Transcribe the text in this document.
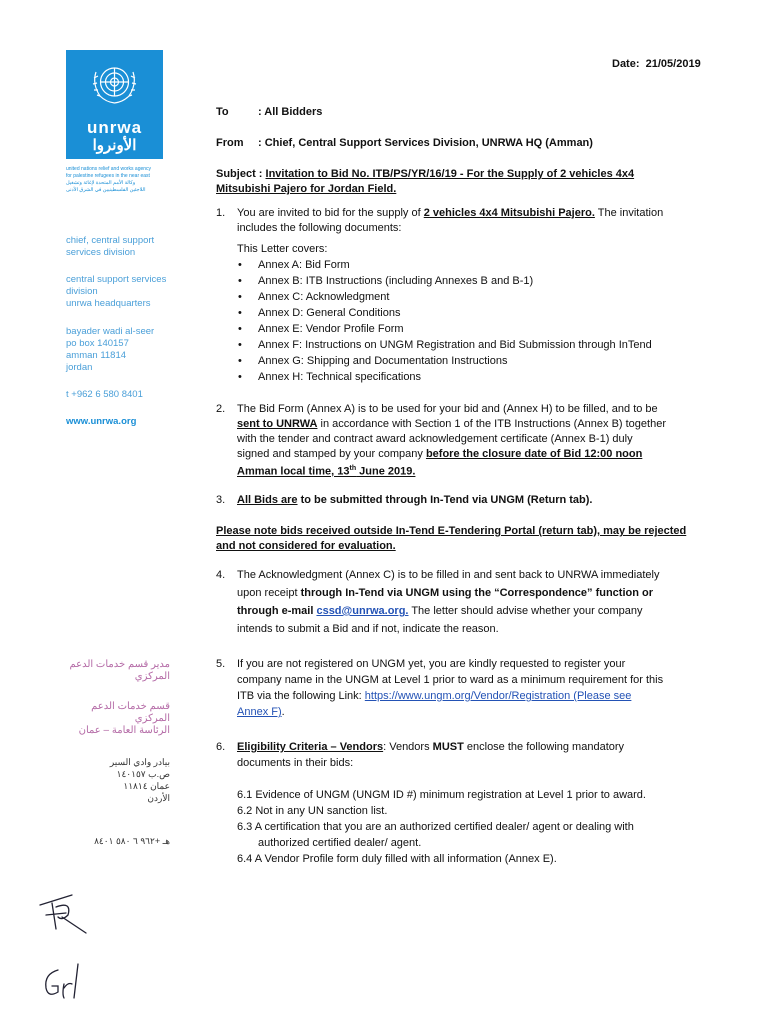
unrwa
الأونروا
united nations relief and works agency
for palestine refugees in the near east
وكالة الأمم المتحدة لإغاثة وتشغيل
اللاجئين الفلسطينيين في الشرق الأدنى
chief, central support
services division
central support services
division
unrwa headquarters
bayader wadi al-seer
po box 140157
amman 11814
jordan
t +962 6 580 8401
www.unrwa.org
مدير قسم خدمات الدعم
المركزي
قسم خدمات الدعم
المركزي
الرئاسة العامة – عمان
بيادر وادي السير
ص.ب ١٤٠١٥٧
عمان ١١٨١٤
الأردن
هـ +٩٦٢ ٦ ٥٨٠ ٨٤٠١
Date: 21/05/2019
To	: All Bidders
From : Chief, Central Support Services Division, UNRWA HQ (Amman)
Subject : Invitation to Bid No. ITB/PS/YR/16/19 - For the Supply of 2 vehicles 4x4
Mitsubishi Pajero for Jordan Field.
1. You are invited to bid for the supply of 2 vehicles 4x4 Mitsubishi Pajero. The invitation
includes the following documents:
This Letter covers:
• Annex A: Bid Form
• Annex B: ITB Instructions (including Annexes B and B-1)
• Annex C: Acknowledgment
• Annex D: General Conditions
• Annex E: Vendor Profile Form
• Annex F: Instructions on UNGM Registration and Bid Submission through InTend
• Annex G: Shipping and Documentation Instructions
• Annex H: Technical specifications
2. The Bid Form (Annex A) is to be used for your bid and (Annex H) to be filled, and to be
sent to UNRWA in accordance with Section 1 of the ITB Instructions (Annex B) together
with the tender and contract award acknowledgement certificate (Annex B-1) duly
signed and stamped by your company before the closure date of Bid 12:00 noon
Amman local time, 13th June 2019.
3. All Bids are to be submitted through In-Tend via UNGM (Return tab).
Please note bids received outside In-Tend E-Tendering Portal (return tab), may be rejected
and not considered for evaluation.
4. The Acknowledgment (Annex C) is to be filled in and sent back to UNRWA immediately
upon receipt through In-Tend via UNGM using the “Correspondence” function or
through e-mail cssd@unrwa.org. The letter should advise whether your company
intends to submit a Bid and if not, indicate the reason.
5. If you are not registered on UNGM yet, you are kindly requested to register your
company name in the UNGM at Level 1 prior to ward as a minimum requirement for this
ITB via the following Link: https://www.ungm.org/Vendor/Registration (Please see
Annex F).
6. Eligibility Criteria – Vendors: Vendors MUST enclose the following mandatory
documents in their bids:
6.1 Evidence of UNGM (UNGM ID #) minimum registration at Level 1 prior to award.
6.2 Not in any UN sanction list.
6.3 A certification that you are an authorized certified dealer/ agent or dealing with
authorized certified dealer/ agent.
6.4 A Vendor Profile form duly filled with all information (Annex E).
